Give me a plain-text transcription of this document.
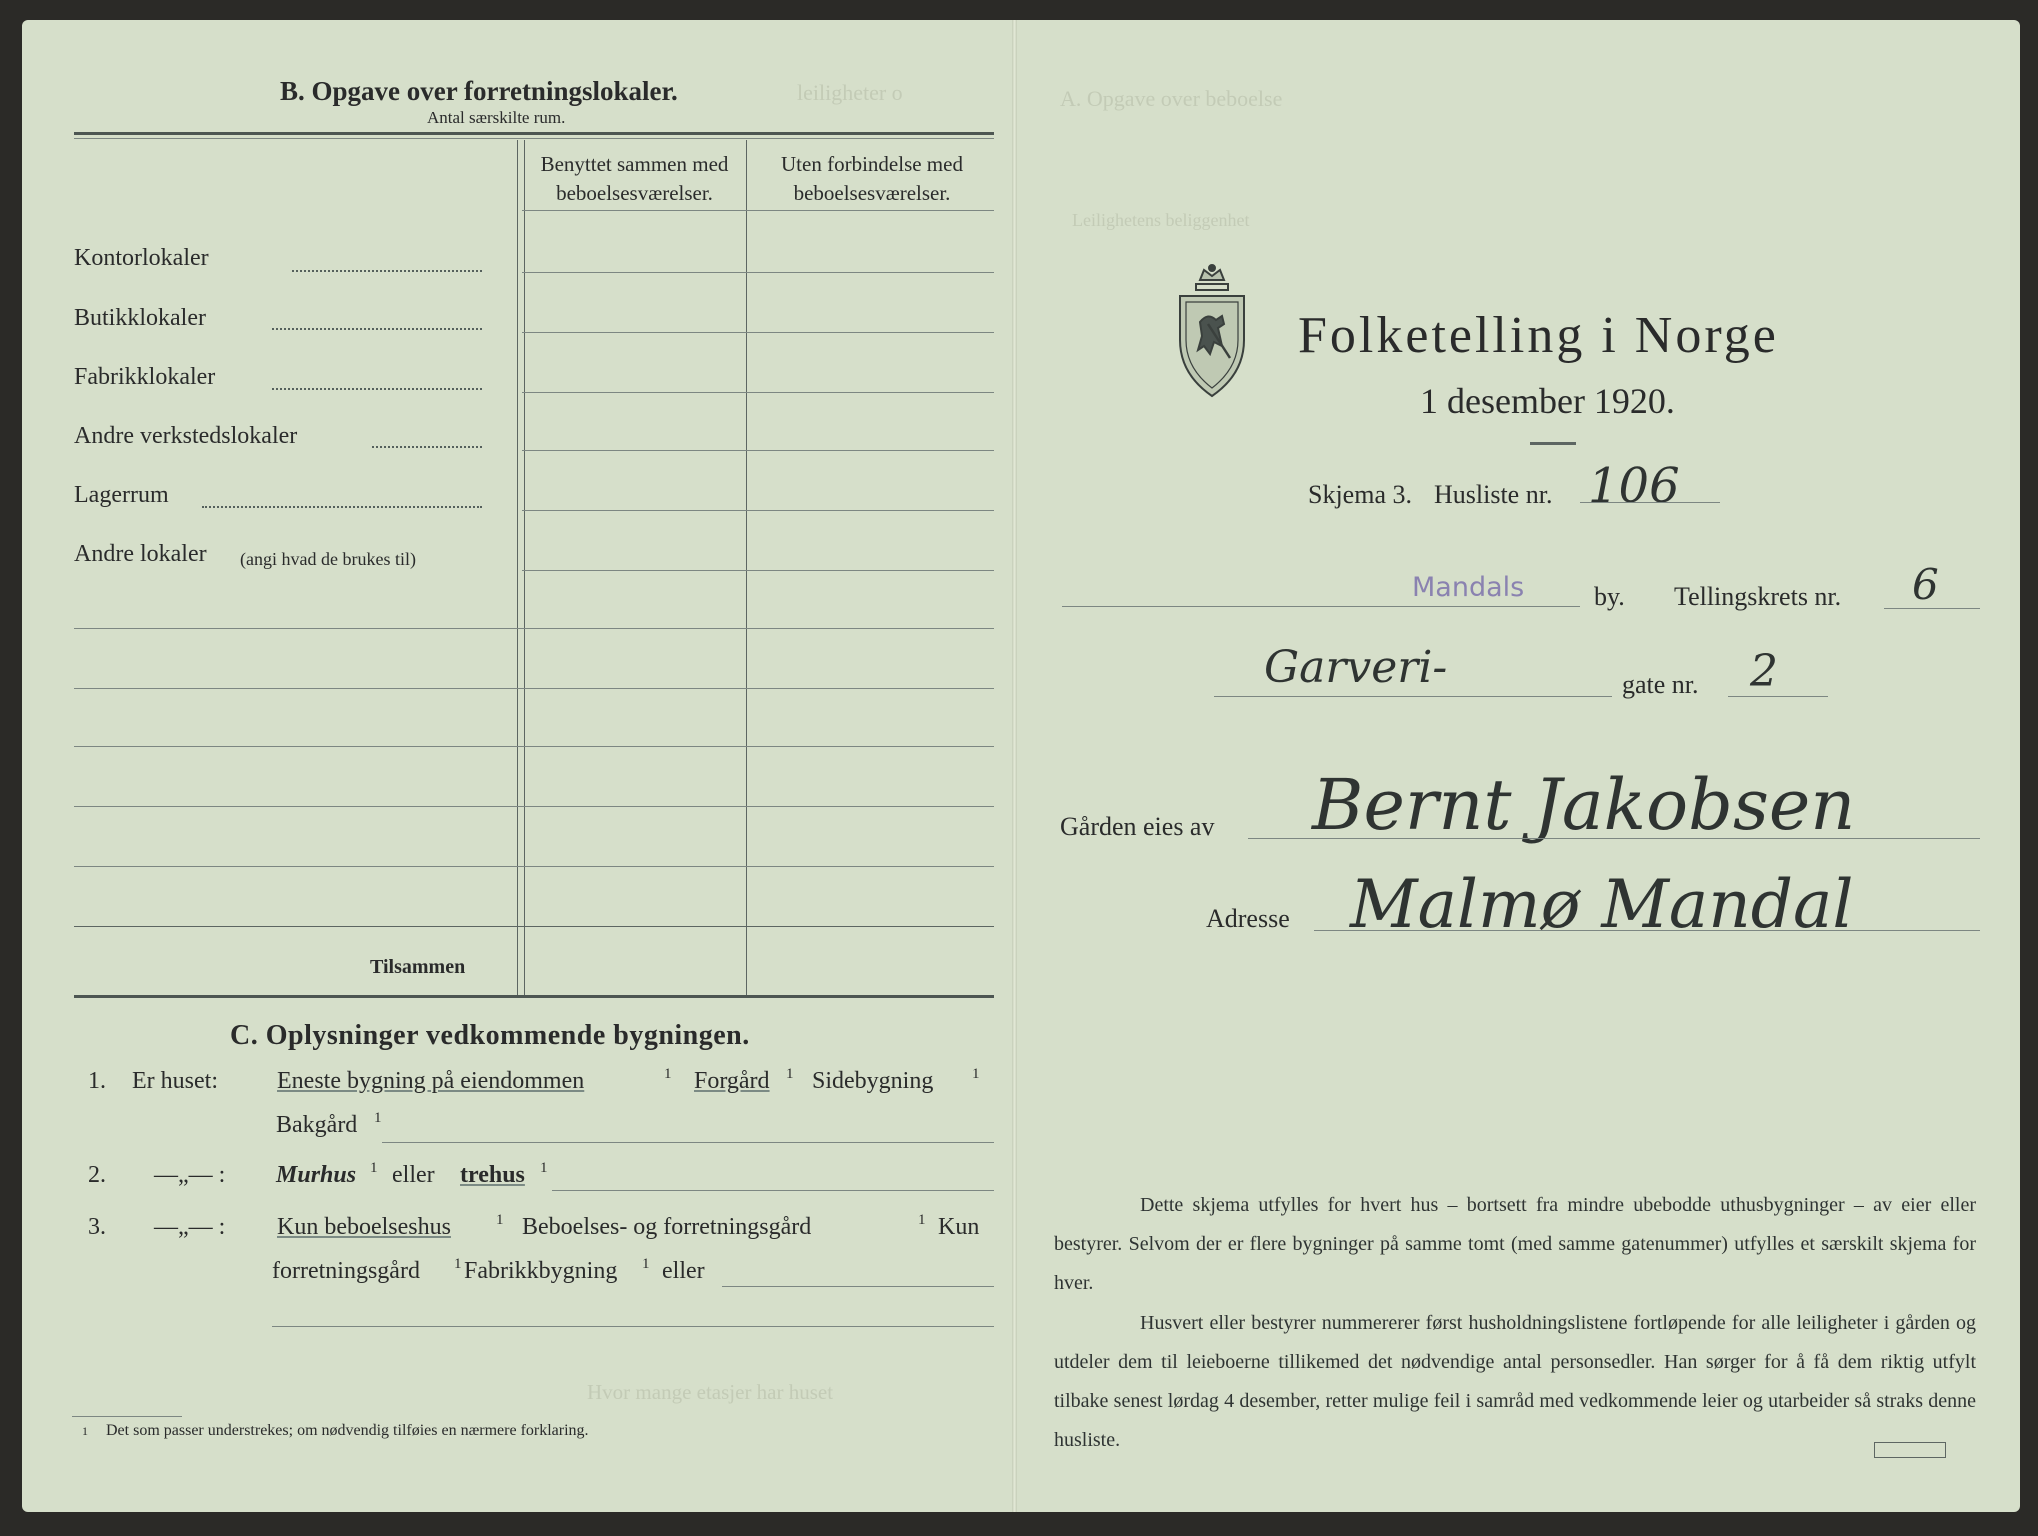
leiligheter o	A. Opgave over beboelse
Leilighetens beliggenhet
Hvor mange etasjer har huset
B. Opgave over forretningslokaler.
Antal særskilte rum.
Benyttet sammen med beboelsesværelser.
Uten forbindelse med beboelsesværelser.
Kontorlokaler
Butikklokaler
Fabrikklokaler
Andre verkstedslokaler
Lagerrum
Andre lokaler (angi hvad de brukes til)
Tilsammen
C. Oplysninger vedkommende bygningen.
1. Er huset: Eneste bygning på eiendommen	1 Forgård 1 Sidebygning	1
Bakgård 1
2. —„— : Murhus 1 eller trehus 1
3. —„— : Kun beboelseshus	1 Beboelses- og forretningsgård	1 Kun
forretningsgård 1 Fabrikkbygning 1 eller
1 Det som passer understrekes; om nødvendig tilføies en nærmere forklaring.
Folketelling i Norge
1 desember 1920.
Skjema 3. Husliste nr. 106
Mandals	by. Tellingskrets nr. 6
Garveri-	gate nr. 2
Gården eies av Bernt Jakobsen
Adresse Malmø Mandal
Dette skjema utfylles for hvert hus – bortsett fra mindre ubebodde uthusbygninger – av eier eller bestyrer. Selvom der er flere bygninger på samme tomt (med samme gatenummer) utfylles et særskilt skjema for hver.
Husvert eller bestyrer nummererer først husholdningslistene fortløpende for alle leiligheter i gården og utdeler dem til leieboerne tillikemed det nødvendige antal personsedler. Han sørger for å få dem riktig utfylt tilbake senest lørdag 4 desember, retter mulige feil i samråd med vedkommende leier og utarbeider så straks denne husliste.
